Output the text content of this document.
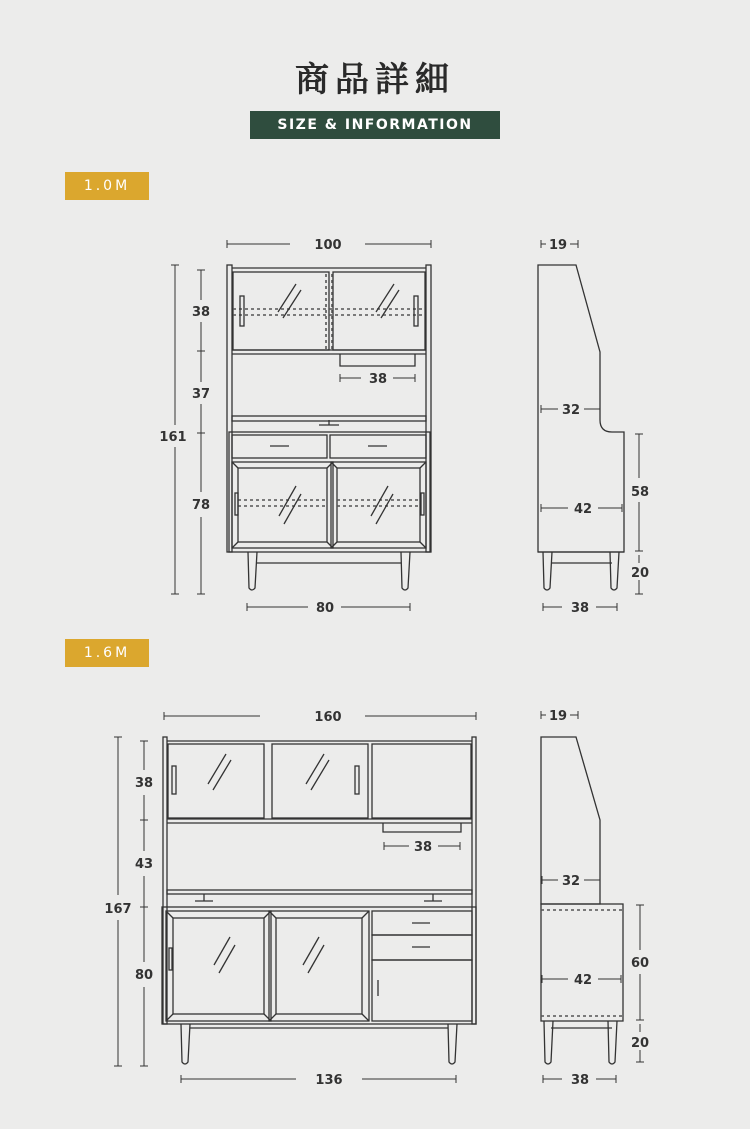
商品詳細
SIZE & INFORMATION
1.0M
1.6M
100
161
38
37
78
38
80
19
32
42
58
20
38
160
167
38
43
80
38
136
19
32
42
60
20
38
